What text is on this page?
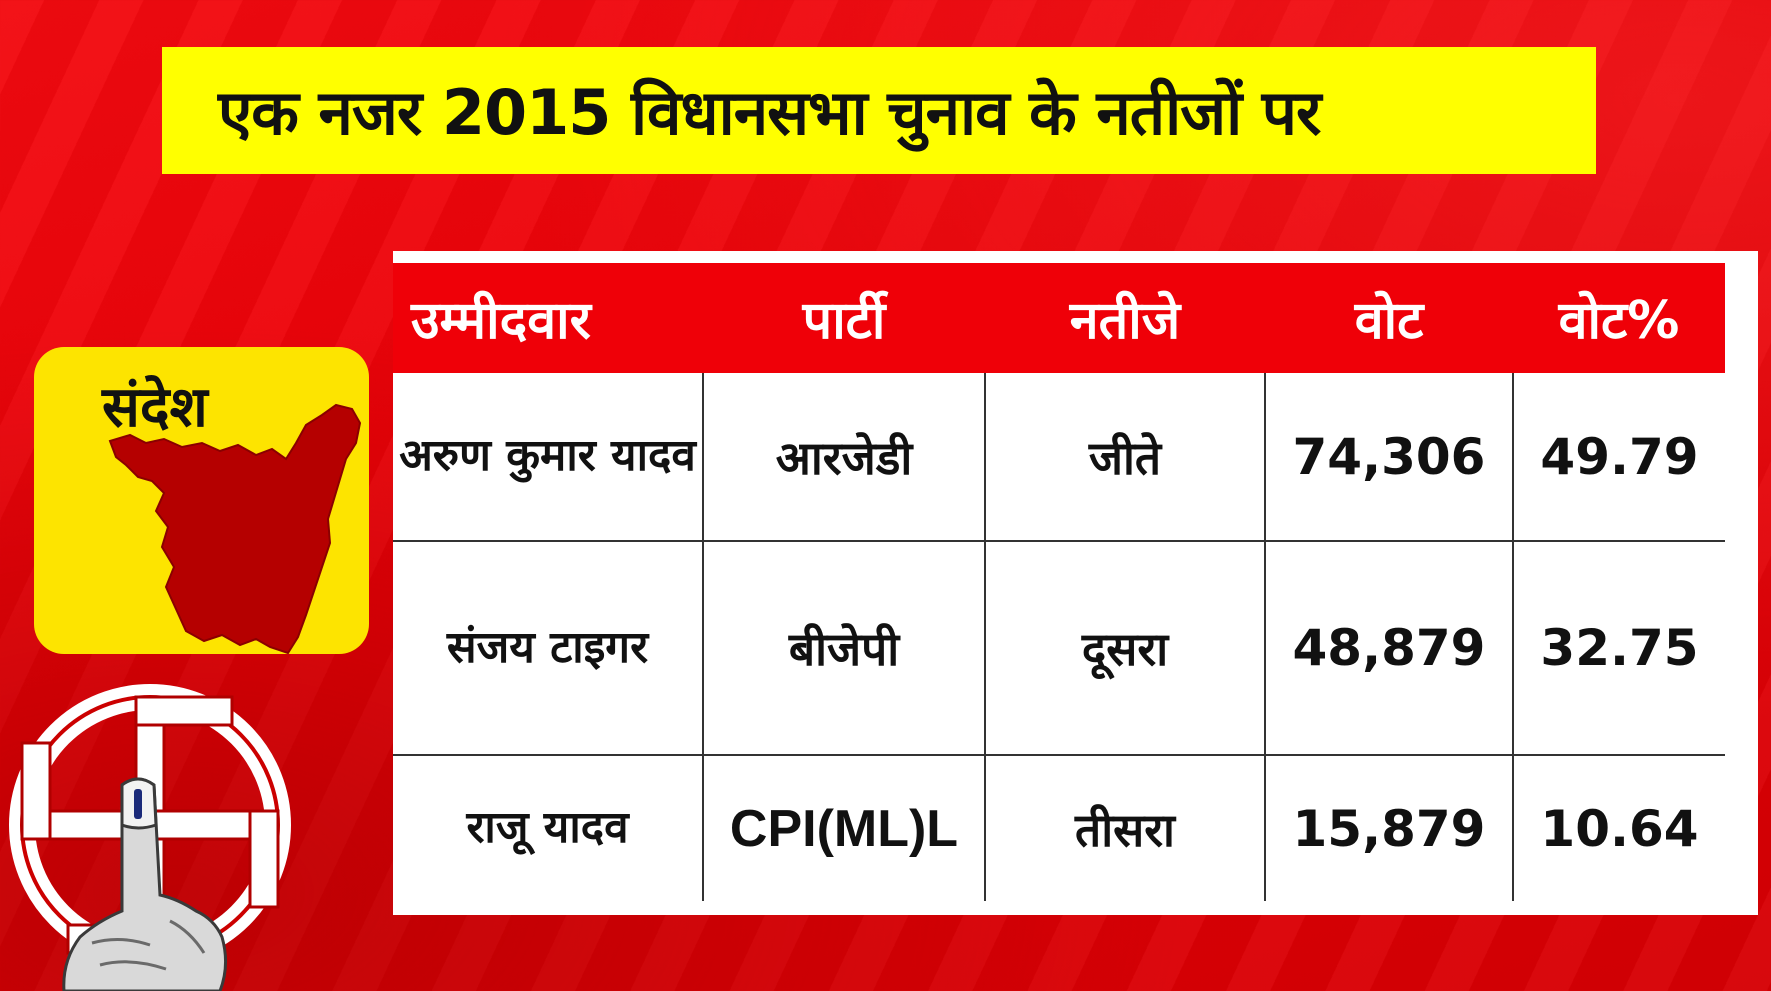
एक नजर 2015 विधानसभा चुनाव के नतीजों पर
संदेश
उम्मीदवार	पार्टी	नतीजे	वोट	वोट%
अरुण कुमार यादव	आरजेडी	जीते	74,306	49.79
संजय टाइगर	बीजेपी	दूसरा	48,879	32.75
राजू यादव	CPI(ML)L	तीसरा	15,879	10.64
